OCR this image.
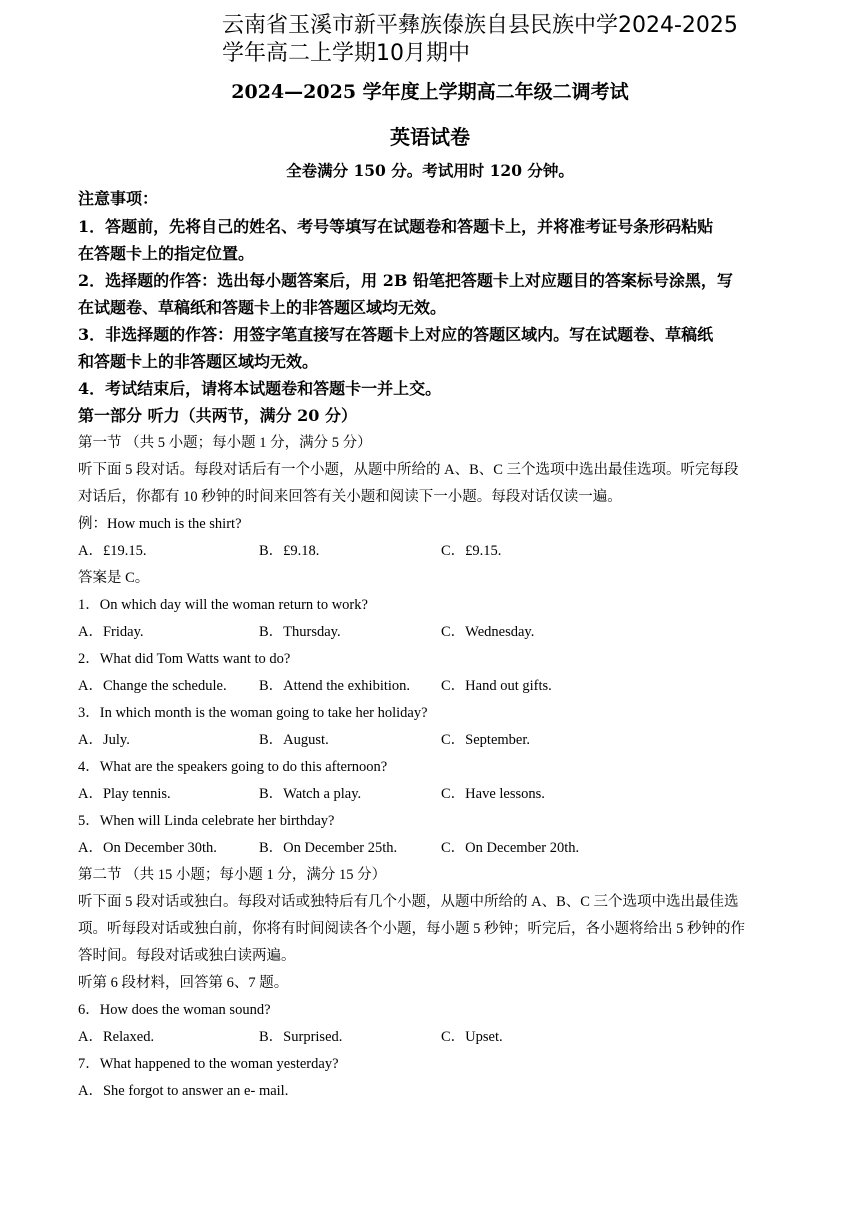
云南省玉溪市新平彝族傣族自县民族中学2024-2025
学年高二上学期10月期中
2024—2025 学年度上学期高二年级二调考试
英语试卷
全卷满分 150 分。考试用时 120 分钟。
注意事项：
1．答题前，先将自己的姓名、考号等填写在试题卷和答题卡上，并将准考证号条形码粘贴
在答题卡上的指定位置。
2．选择题的作答：选出每小题答案后，用 2B 铅笔把答题卡上对应题目的答案标号涂黑，写
在试题卷、草稿纸和答题卡上的非答题区域均无效。
3．非选择题的作答：用签字笔直接写在答题卡上对应的答题区域内。写在试题卷、草稿纸
和答题卡上的非答题区域均无效。
4．考试结束后，请将本试题卷和答题卡一并上交。
第一部分 听力（共两节，满分 20 分）
第一节 （共 5 小题；每小题 1 分，满分 5 分）
听下面 5 段对话。每段对话后有一个小题，从题中所给的 A、B、C 三个选项中选出最佳选项。听完每段
对话后，你都有 10 秒钟的时间来回答有关小题和阅读下一小题。每段对话仅读一遍。
例：How much is the shirt?
A．£19.15.	B．£9.18.	C．£9.15.
答案是 C。
1．On which day will the woman return to work?
A．Friday.	B．Thursday.	C．Wednesday.
2．What did Tom Watts want to do?
A．Change the schedule. B．Attend the exhibition. C．Hand out gifts.
3．In which month is the woman going to take her holiday?
A．July.	B．August.	C．September.
4．What are the speakers going to do this afternoon?
A．Play tennis.	B．Watch a play.	C．Have lessons.
5．When will Linda celebrate her birthday?
A．On December 30th.	B．On December 25th.	C．On December 20th.
第二节 （共 15 小题；每小题 1 分，满分 15 分）
听下面 5 段对话或独白。每段对话或独特后有几个小题，从题中所给的 A、B、C 三个选项中选出最佳选
项。听每段对话或独白前，你将有时间阅读各个小题，每小题 5 秒钟；听完后，各小题将给出 5 秒钟的作
答时间。每段对话或独白读两遍。
听第 6 段材料，回答第 6、7 题。
6．How does the woman sound?
A．Relaxed.	B．Surprised.	C．Upset.
7．What happened to the woman yesterday?
A．She forgot to answer an e- mail.
